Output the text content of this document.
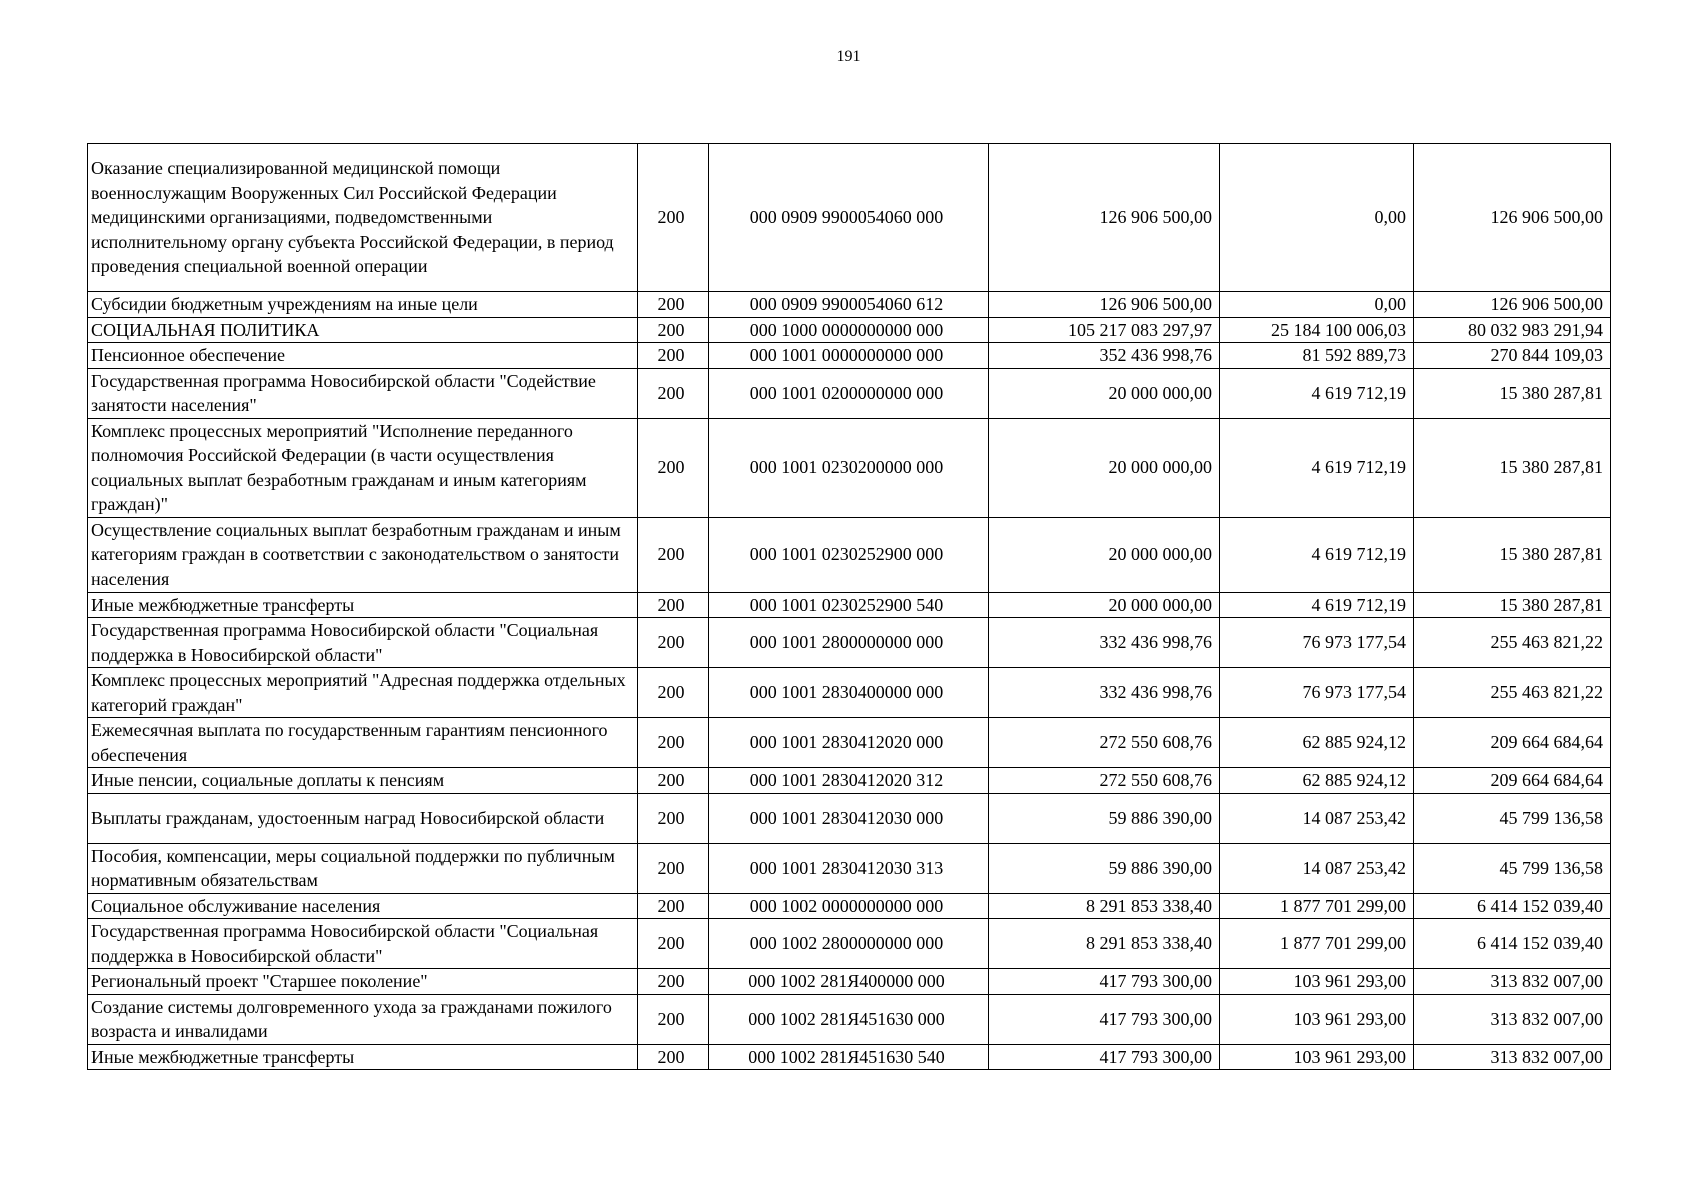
191
Оказание специализированной медицинской помощи военнослужащим Вооруженных Сил Российской Федерации медицинскими организациями, подведомственными исполнительному органу субъекта Российской Федерации, в период проведения специальной военной операции	200	000 0909 9900054060 000	126 906 500,00	0,00	126 906 500,00
Субсидии бюджетным учреждениям на иные цели	200	000 0909 9900054060 612	126 906 500,00	0,00	126 906 500,00
СОЦИАЛЬНАЯ ПОЛИТИКА	200	000 1000 0000000000 000	105 217 083 297,97	25 184 100 006,03	80 032 983 291,94
Пенсионное обеспечение	200	000 1001 0000000000 000	352 436 998,76	81 592 889,73	270 844 109,03
Государственная программа Новосибирской области "Содействие занятости населения"	200	000 1001 0200000000 000	20 000 000,00	4 619 712,19	15 380 287,81
Комплекс процессных мероприятий "Исполнение переданного полномочия Российской Федерации (в части осуществления социальных выплат безработным гражданам и иным категориям граждан)"	200	000 1001 0230200000 000	20 000 000,00	4 619 712,19	15 380 287,81
Осуществление социальных выплат безработным гражданам и иным категориям граждан в соответствии с законодательством о занятости населения	200	000 1001 0230252900 000	20 000 000,00	4 619 712,19	15 380 287,81
Иные межбюджетные трансферты	200	000 1001 0230252900 540	20 000 000,00	4 619 712,19	15 380 287,81
Государственная программа Новосибирской области "Социальная поддержка в Новосибирской области"	200	000 1001 2800000000 000	332 436 998,76	76 973 177,54	255 463 821,22
Комплекс процессных мероприятий "Адресная поддержка отдельных категорий граждан"	200	000 1001 2830400000 000	332 436 998,76	76 973 177,54	255 463 821,22
Ежемесячная выплата по государственным гарантиям пенсионного обеспечения	200	000 1001 2830412020 000	272 550 608,76	62 885 924,12	209 664 684,64
Иные пенсии, социальные доплаты к пенсиям	200	000 1001 2830412020 312	272 550 608,76	62 885 924,12	209 664 684,64
Выплаты гражданам, удостоенным наград Новосибирской области	200	000 1001 2830412030 000	59 886 390,00	14 087 253,42	45 799 136,58
Пособия, компенсации, меры социальной поддержки по публичным нормативным обязательствам	200	000 1001 2830412030 313	59 886 390,00	14 087 253,42	45 799 136,58
Социальное обслуживание населения	200	000 1002 0000000000 000	8 291 853 338,40	1 877 701 299,00	6 414 152 039,40
Государственная программа Новосибирской области "Социальная поддержка в Новосибирской области"	200	000 1002 2800000000 000	8 291 853 338,40	1 877 701 299,00	6 414 152 039,40
Региональный проект "Старшее поколение"	200	000 1002 281Я400000 000	417 793 300,00	103 961 293,00	313 832 007,00
Создание системы долговременного ухода за гражданами пожилого возраста и инвалидами	200	000 1002 281Я451630 000	417 793 300,00	103 961 293,00	313 832 007,00
Иные межбюджетные трансферты	200	000 1002 281Я451630 540	417 793 300,00	103 961 293,00	313 832 007,00
